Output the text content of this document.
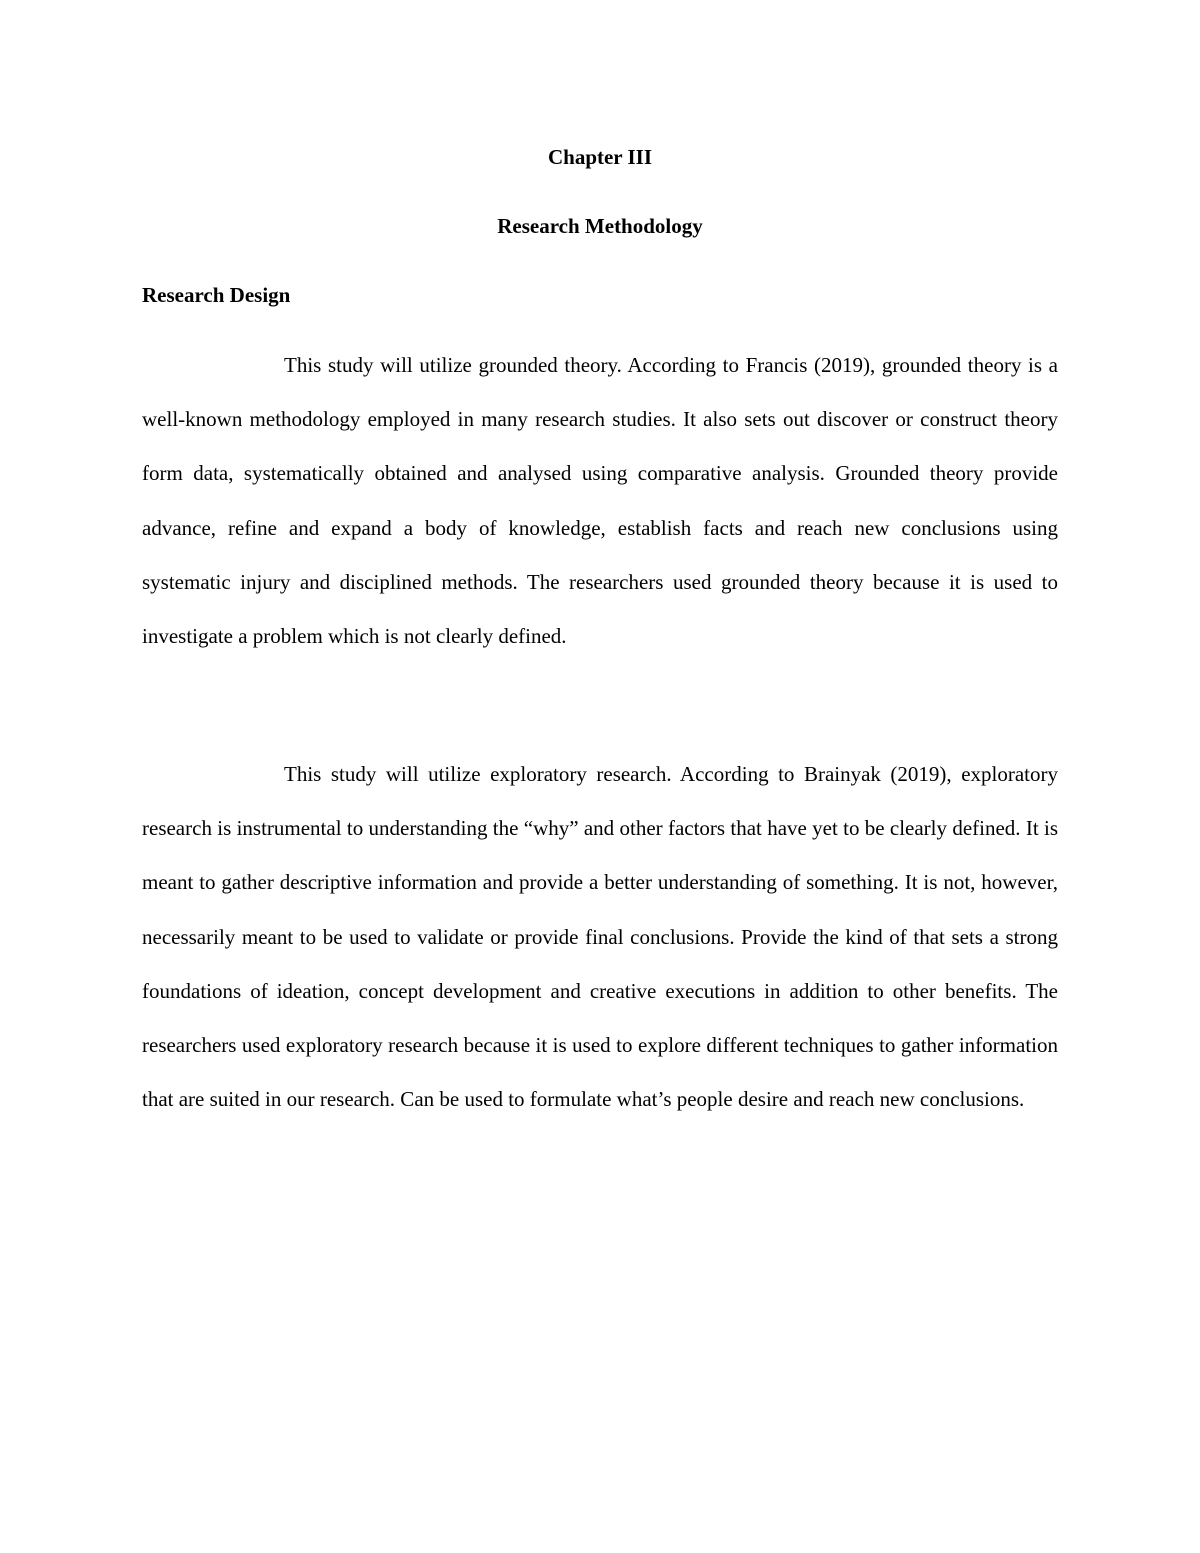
Chapter III
Research Methodology
Research Design

This study will utilize grounded theory. According to Francis (2019), grounded theory is a well-known methodology employed in many research studies. It also sets out discover or construct theory form data, systematically obtained and analysed using comparative analysis. Grounded theory provide advance, refine and expand a body of knowledge, establish facts and reach new conclusions using systematic injury and disciplined methods. The researchers used grounded theory because it is used to investigate a problem which is not clearly defined.

This study will utilize exploratory research. According to Brainyak (2019), exploratory research is instrumental to understanding the “why” and other factors that have yet to be clearly defined. It is meant to gather descriptive information and provide a better understanding of something. It is not, however, necessarily meant to be used to validate or provide final conclusions. Provide the kind of that sets a strong foundations of ideation, concept development and creative executions in addition to other benefits. The researchers used exploratory research because it is used to explore different techniques to gather information that are suited in our research. Can be used to formulate what’s people desire and reach new conclusions.
